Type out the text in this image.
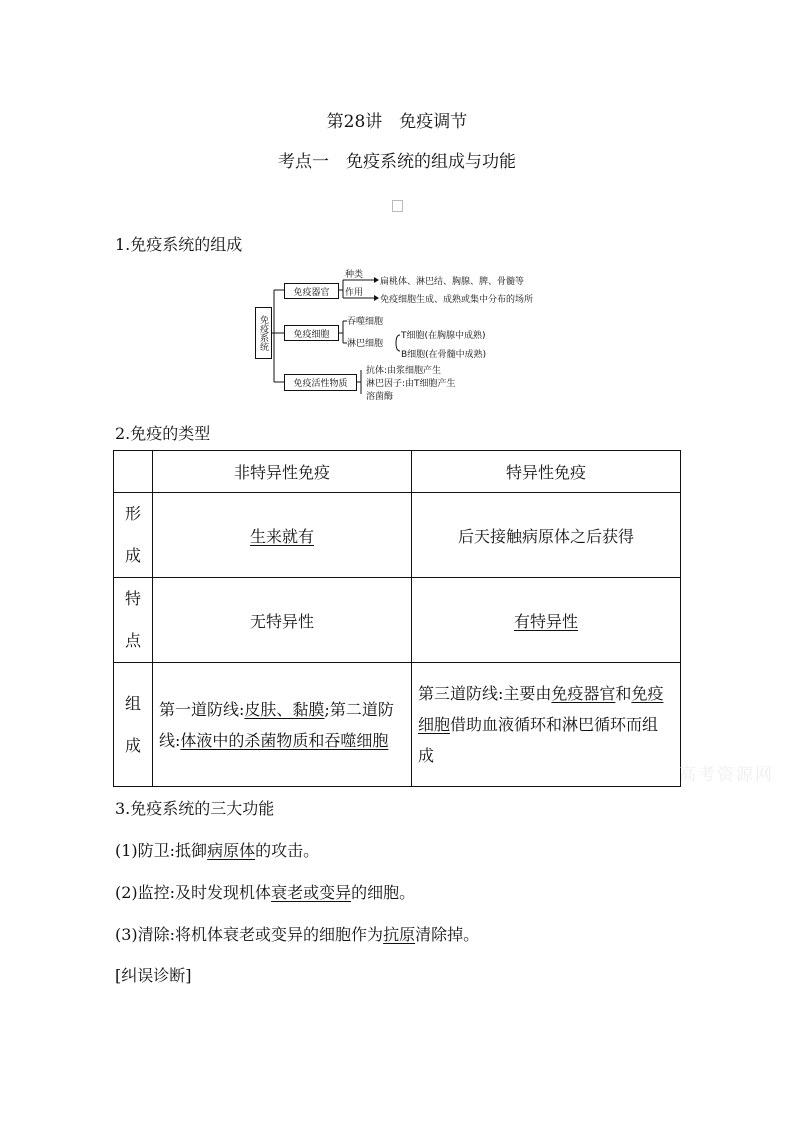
第28讲　免疫调节
考点一　免疫系统的组成与功能
1.免疫系统的组成
免疫系统
免疫器官
种类
扁桃体、淋巴结、胸腺、脾、骨髓等
作用
免疫细胞生成、成熟或集中分布的场所
免疫细胞
吞噬细胞
淋巴细胞
T细胞(在胸腺中成熟)
B细胞(在骨髓中成熟)
免疫活性物质
抗体:由浆细胞产生
淋巴因子:由T细胞产生
溶菌酶
2.免疫的类型
	非特异性免疫	特异性免疫

形
成	生来就有	后天接触病原体之后获得

特
点	无特异性	有特异性

组
成	第一道防线:皮肤、黏膜;第二道防线:体液中的杀菌物质和吞噬细胞	第三道防线:主要由免疫器官和免疫细胞借助血液循环和淋巴循环而组成
高考资源网
3.免疫系统的三大功能
(1)防卫:抵御病原体的攻击。
(2)监控:及时发现机体衰老或变异的细胞。
(3)清除:将机体衰老或变异的细胞作为抗原清除掉。
[纠误诊断]
